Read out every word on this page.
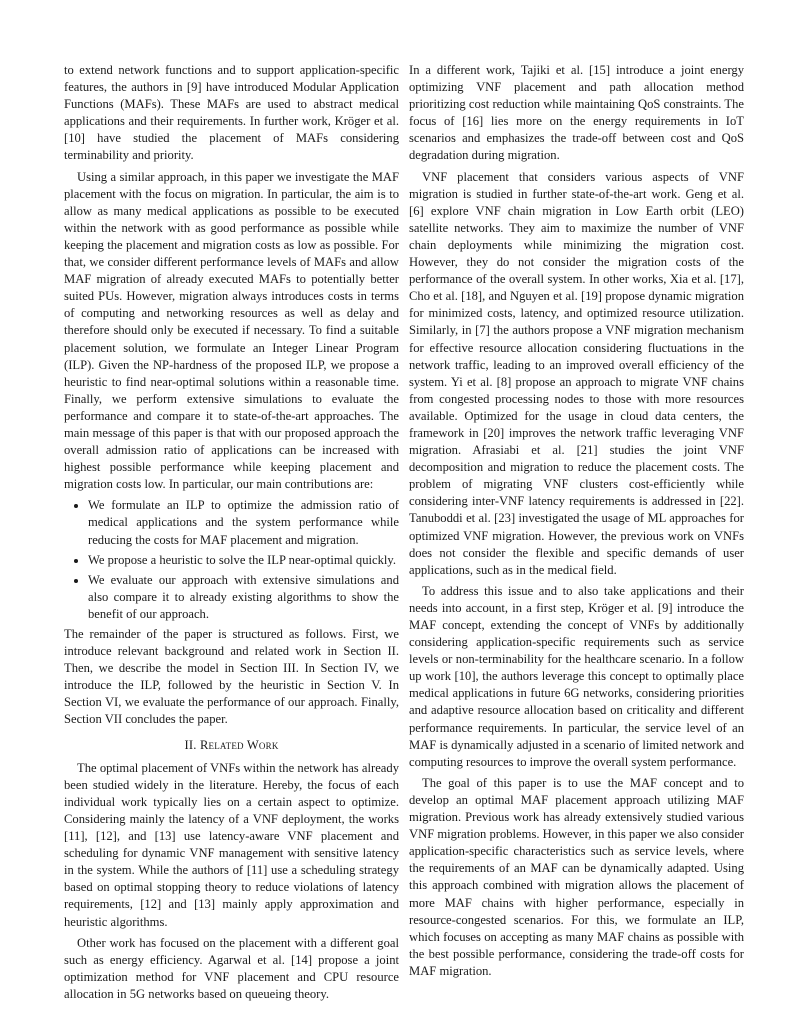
to extend network functions and to support application-specific features, the authors in [9] have introduced Modular Application Functions (MAFs). These MAFs are used to abstract medical applications and their requirements. In further work, Kröger et al. [10] have studied the placement of MAFs considering terminability and priority.

Using a similar approach, in this paper we investigate the MAF placement with the focus on migration. In particular, the aim is to allow as many medical applications as possible to be executed within the network with as good performance as possible while keeping the placement and migration costs as low as possible. For that, we consider different performance levels of MAFs and allow MAF migration of already executed MAFs to potentially better suited PUs. However, migration always introduces costs in terms of computing and networking resources as well as delay and therefore should only be executed if necessary. To find a suitable placement solution, we formulate an Integer Linear Program (ILP). Given the NP-hardness of the proposed ILP, we propose a heuristic to find near-optimal solutions within a reasonable time. Finally, we perform extensive simulations to evaluate the performance and compare it to state-of-the-art approaches. The main message of this paper is that with our proposed approach the overall admission ratio of applications can be increased with highest possible performance while keeping placement and migration costs low. In particular, our main contributions are:

• We formulate an ILP to optimize the admission ratio of medical applications and the system performance while reducing the costs for MAF placement and migration.
• We propose a heuristic to solve the ILP near-optimal quickly.
• We evaluate our approach with extensive simulations and also compare it to already existing algorithms to show the benefit of our approach.

The remainder of the paper is structured as follows. First, we introduce relevant background and related work in Section II. Then, we describe the model in Section III. In Section IV, we introduce the ILP, followed by the heuristic in Section V. In Section VI, we evaluate the performance of our approach. Finally, Section VII concludes the paper.

II. Related Work

The optimal placement of VNFs within the network has already been studied widely in the literature. Hereby, the focus of each individual work typically lies on a certain aspect to optimize. Considering mainly the latency of a VNF deployment, the works [11], [12], and [13] use latency-aware VNF placement and scheduling for dynamic VNF management with sensitive latency in the system. While the authors of [11] use a scheduling strategy based on optimal stopping theory to reduce violations of latency requirements, [12] and [13] mainly apply approximation and heuristic algorithms.

Other work has focused on the placement with a different goal such as energy efficiency. Agarwal et al. [14] propose a joint optimization method for VNF placement and CPU resource allocation in 5G networks based on queueing theory.

In a different work, Tajiki et al. [15] introduce a joint energy optimizing VNF placement and path allocation method prioritizing cost reduction while maintaining QoS constraints. The focus of [16] lies more on the energy requirements in IoT scenarios and emphasizes the trade-off between cost and QoS degradation during migration.

VNF placement that considers various aspects of VNF migration is studied in further state-of-the-art work. Geng et al. [6] explore VNF chain migration in Low Earth orbit (LEO) satellite networks. They aim to maximize the number of VNF chain deployments while minimizing the migration cost. However, they do not consider the migration costs of the performance of the overall system. In other works, Xia et al. [17], Cho et al. [18], and Nguyen et al. [19] propose dynamic migration for minimized costs, latency, and optimized resource utilization. Similarly, in [7] the authors propose a VNF migration mechanism for effective resource allocation considering fluctuations in the network traffic, leading to an improved overall efficiency of the system. Yi et al. [8] propose an approach to migrate VNF chains from congested processing nodes to those with more resources available. Optimized for the usage in cloud data centers, the framework in [20] improves the network traffic leveraging VNF migration. Afrasiabi et al. [21] studies the joint VNF decomposition and migration to reduce the placement costs. The problem of migrating VNF clusters cost-efficiently while considering inter-VNF latency requirements is addressed in [22]. Tanuboddi et al. [23] investigated the usage of ML approaches for optimized VNF migration. However, the previous work on VNFs does not consider the flexible and specific demands of user applications, such as in the medical field.

To address this issue and to also take applications and their needs into account, in a first step, Kröger et al. [9] introduce the MAF concept, extending the concept of VNFs by additionally considering application-specific requirements such as service levels or non-terminability for the healthcare scenario. In a follow up work [10], the authors leverage this concept to optimally place medical applications in future 6G networks, considering priorities and adaptive resource allocation based on criticality and different performance requirements. In particular, the service level of an MAF is dynamically adjusted in a scenario of limited network and computing resources to improve the overall system performance.

The goal of this paper is to use the MAF concept and to develop an optimal MAF placement approach utilizing MAF migration. Previous work has already extensively studied various VNF migration problems. However, in this paper we also consider application-specific characteristics such as service levels, where the requirements of an MAF can be dynamically adapted. Using this approach combined with migration allows the placement of more MAF chains with higher performance, especially in resource-congested scenarios. For this, we formulate an ILP, which focuses on accepting as many MAF chains as possible with the best possible performance, considering the trade-off costs for MAF migration.
